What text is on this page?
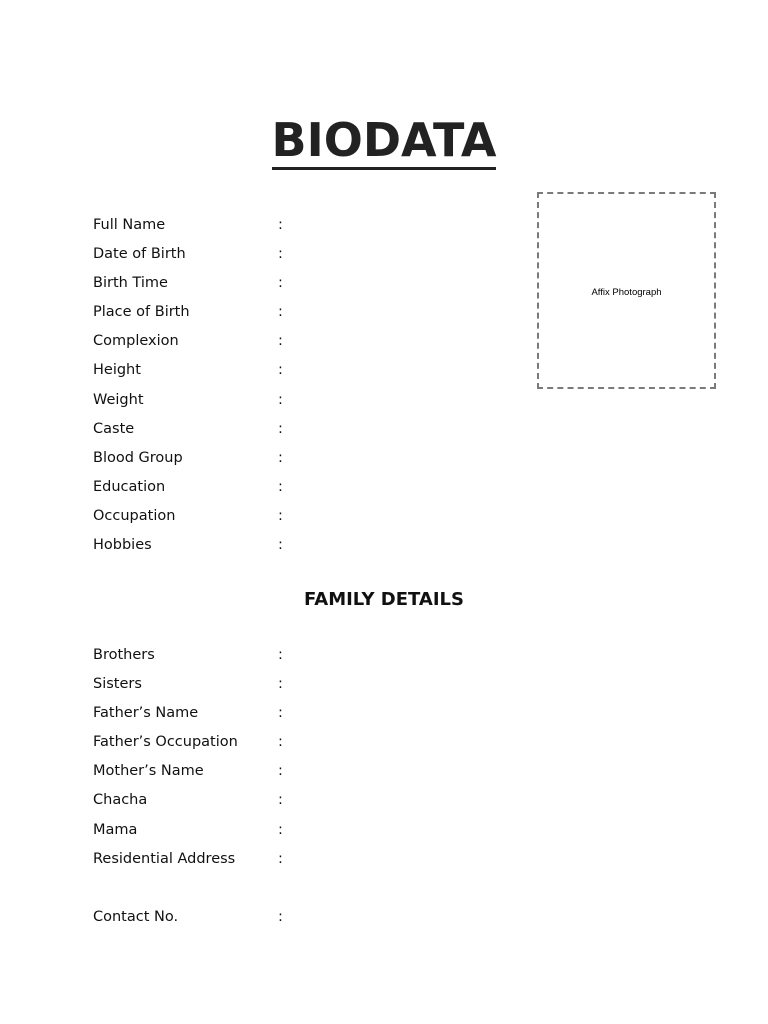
BIODATA
Affix Photograph
Full Name	:
Date of Birth	:
Birth Time	:
Place of Birth	:
Complexion	:
Height	:
Weight	:
Caste	:
Blood Group	:
Education	:
Occupation	:
Hobbies	:
FAMILY DETAILS
Brothers	:
Sisters	:
Father’s Name	:
Father’s Occupation	:
Mother’s Name	:
Chacha	:
Mama	:
Residential Address	:
Contact No.	:
